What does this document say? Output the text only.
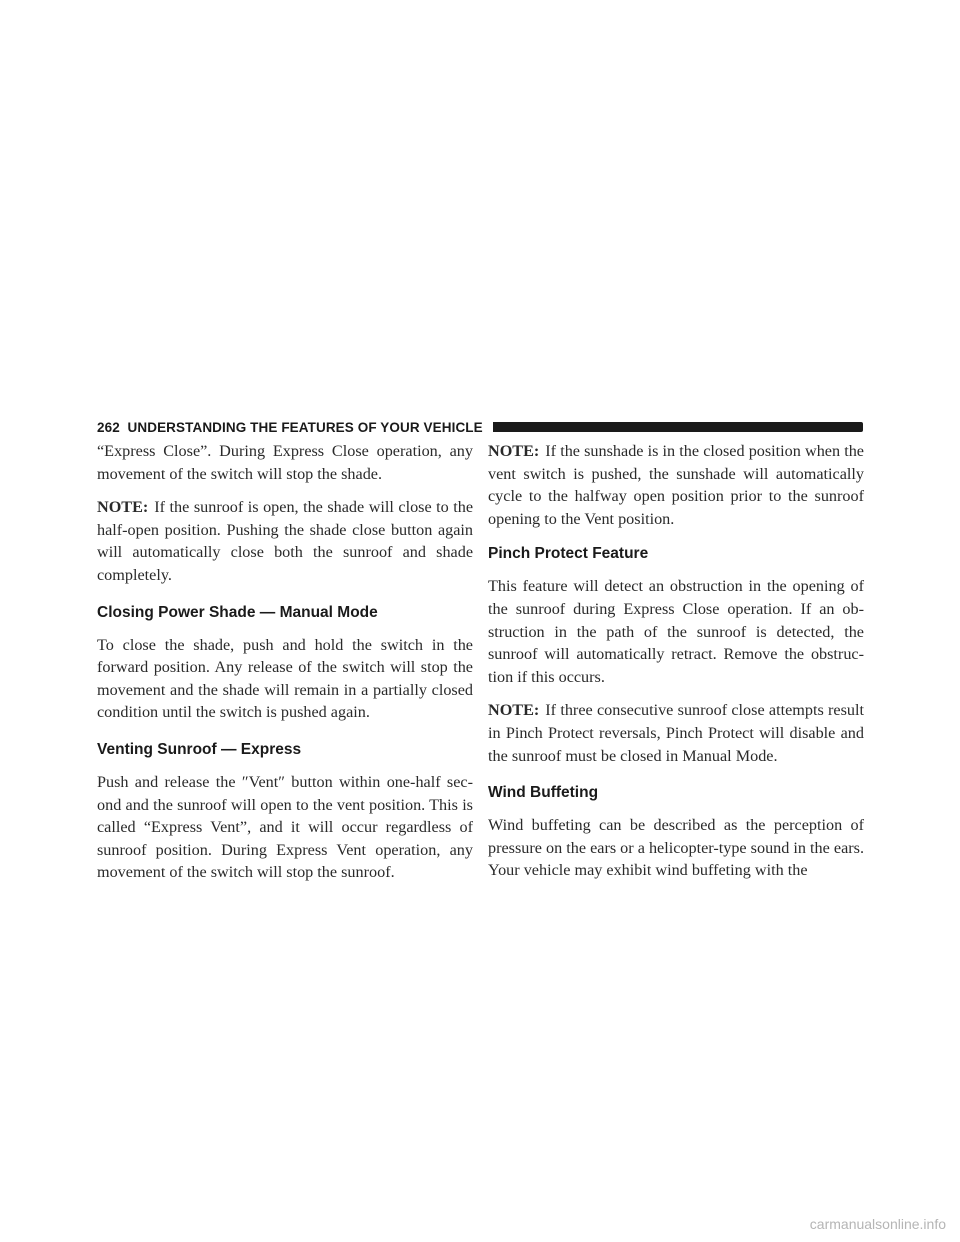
262 UNDERSTANDING THE FEATURES OF YOUR VEHICLE

“Express Close”. During Express Close operation, any movement of the switch will stop the shade.

NOTE: If the sunroof is open, the shade will close to the half-open position. Pushing the shade close button again will automatically close both the sunroof and shade completely.

Closing Power Shade — Manual Mode

To close the shade, push and hold the switch in the forward position. Any release of the switch will stop the movement and the shade will remain in a partially closed condition until the switch is pushed again.

Venting Sunroof — Express

Push and release the ″Vent″ button within one-half sec-ond and the sunroof will open to the vent position. This is called “Express Vent”, and it will occur regardless of sunroof position. During Express Vent operation, any movement of the switch will stop the sunroof.

NOTE: If the sunshade is in the closed position when the vent switch is pushed, the sunshade will automatically cycle to the halfway open position prior to the sunroof opening to the Vent position.

Pinch Protect Feature

This feature will detect an obstruction in the opening of the sunroof during Express Close operation. If an ob-struction in the path of the sunroof is detected, the sunroof will automatically retract. Remove the obstruc-tion if this occurs.

NOTE: If three consecutive sunroof close attempts result in Pinch Protect reversals, Pinch Protect will disable and the sunroof must be closed in Manual Mode.

Wind Buffeting

Wind buffeting can be described as the perception of pressure on the ears or a helicopter-type sound in the ears. Your vehicle may exhibit wind buffeting with the

carmanualsonline.info
